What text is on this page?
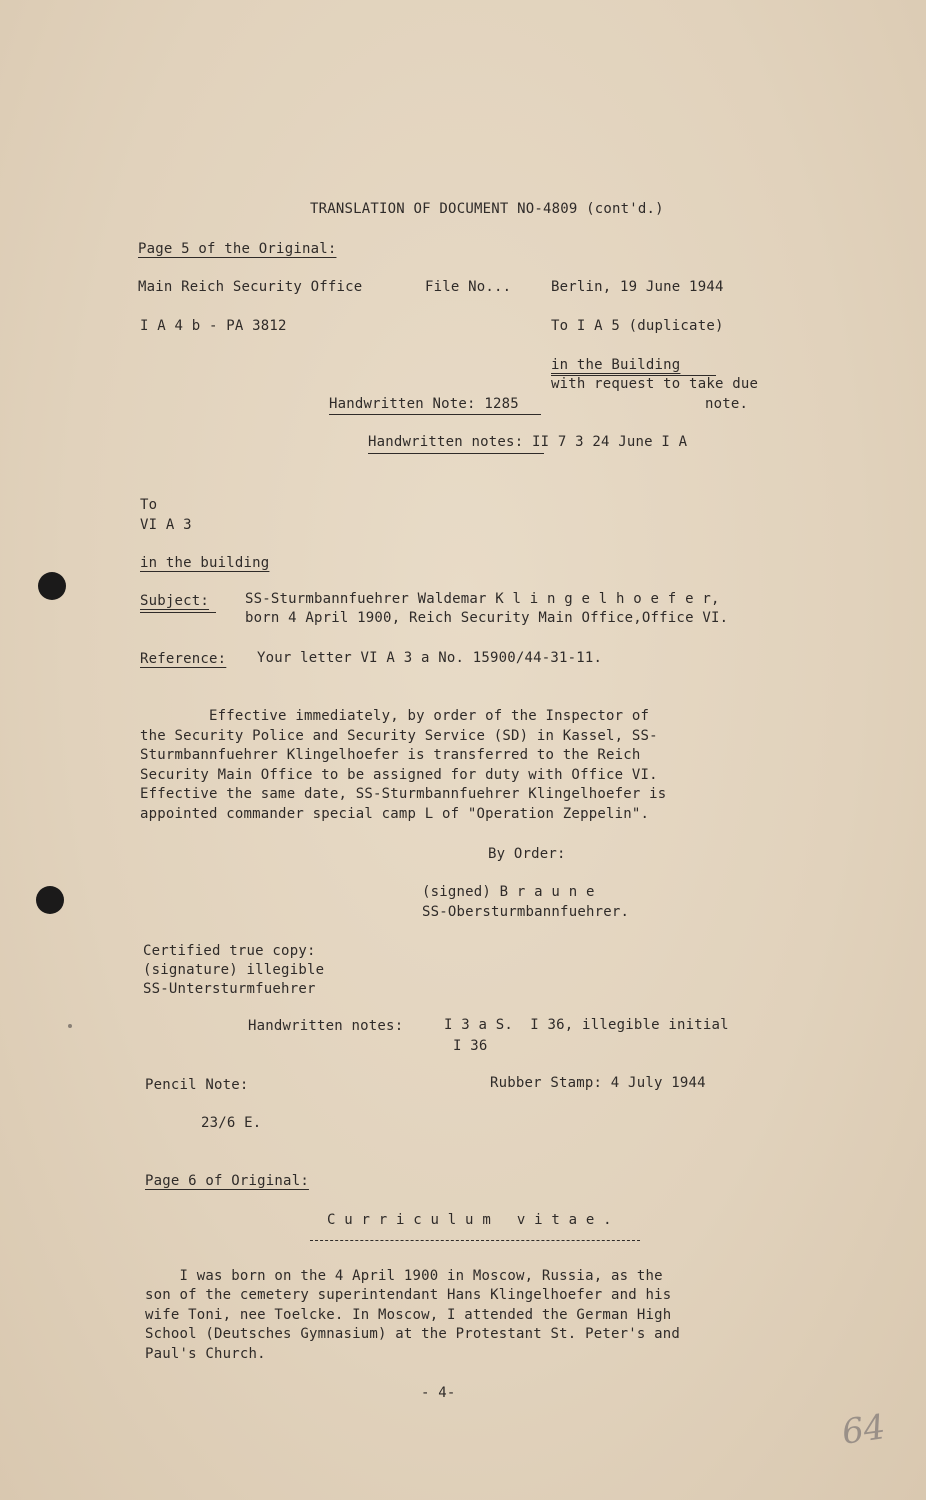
TRANSLATION OF DOCUMENT NO-4809 (cont'd.)
Page 5 of the Original:
Main Reich Security Office	File No...	Berlin, 19 June 1944
I A 4 b - PA 3812	To I A 5 (duplicate)
in the Building
with request to take due
note.
Handwritten Note: 1285
Handwritten notes: II 7 3 24 June I A
To
VI A 3
in the building
Subject:	SS-Sturmbannfuehrer Waldemar K l i n g e l h o e f e r,
born 4 April 1900, Reich Security Main Office,Office VI.
Reference: Your letter VI A 3 a No. 15900/44-31-11.
Effective immediately, by order of the Inspector of
the Security Police and Security Service (SD) in Kassel, SS-
Sturmbannfuehrer Klingelhoefer is transferred to the Reich
Security Main Office to be assigned for duty with Office VI.
Effective the same date, SS-Sturmbannfuehrer Klingelhoefer is
appointed commander special camp L of "Operation Zeppelin".
By Order:
(signed) B r a u n e
SS-Obersturmbannfuehrer.
Certified true copy:
(signature) illegible
SS-Untersturmfuehrer
Handwritten notes:	I 3 a S.  I 36, illegible initial
I 36
Pencil Note:	Rubber Stamp: 4 July 1944
23/6 E.
Page 6 of Original:
C u r r i c u l u m   v i t a e .
I was born on the 4 April 1900 in Moscow, Russia, as the
son of the cemetery superintendant Hans Klingelhoefer and his
wife Toni, nee Toelcke. In Moscow, I attended the German High
School (Deutsches Gymnasium) at the Protestant St. Peter's and
Paul's Church.
- 4-
64
